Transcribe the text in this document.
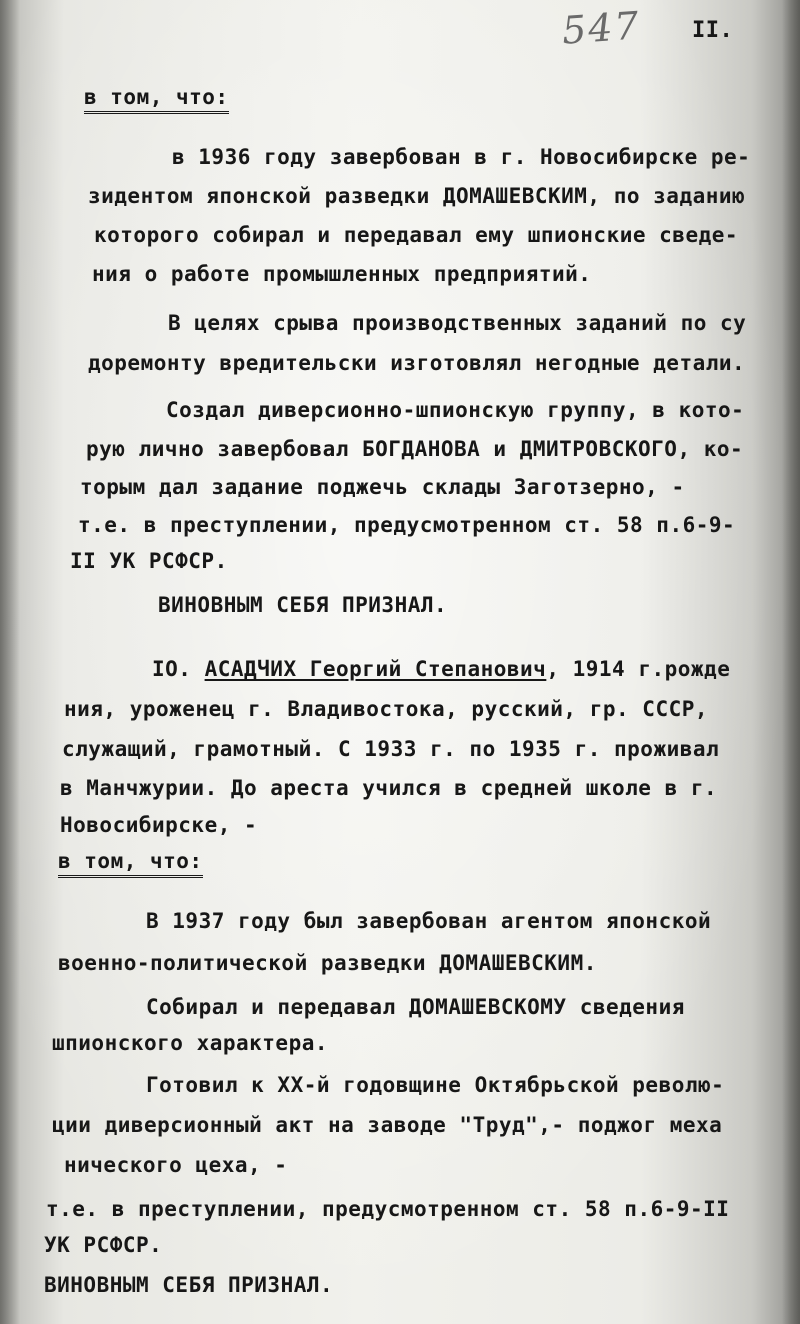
547 II.
в том, что:
в 1936 году завербован в г. Новосибирске ре-
зидентом японской разведки ДОМАШЕВСКИМ, по заданию
которого собирал и передавал ему шпионские сведе-
ния о работе промышленных предприятий.
В целях срыва производственных заданий по су
доремонту вредительски изготовлял негодные детали.
Создал диверсионно-шпионскую группу, в кото-
рую лично завербовал БОГДАНОВА и ДМИТРОВСКОГО, ко-
торым дал задание поджечь склады Заготзерно, -
т.е. в преступлении, предусмотренном ст. 58 п.6-9-
II УК РСФСР.
ВИНОВНЫМ СЕБЯ ПРИЗНАЛ.
IO. АСАДЧИХ Георгий Степанович, 1914 г.рожде
ния, уроженец г. Владивостока, русский, гр. СССР,
служащий, грамотный. С 1933 г. по 1935 г. проживал
в Манчжурии. До ареста учился в средней школе в г.
Новосибирске, -
в том, что:
В 1937 году был завербован агентом японской
военно-политической разведки ДОМАШЕВСКИМ.
Собирал и передавал ДОМАШЕВСКОМУ сведения
шпионского характера.
Готовил к XX-й годовщине Октябрьской револю-
ции диверсионный акт на заводе "Труд",- поджог меха
нического цеха, -
т.е. в преступлении, предусмотренном ст. 58 п.6-9-II
УК РСФСР.
ВИНОВНЫМ СЕБЯ ПРИЗНАЛ.
